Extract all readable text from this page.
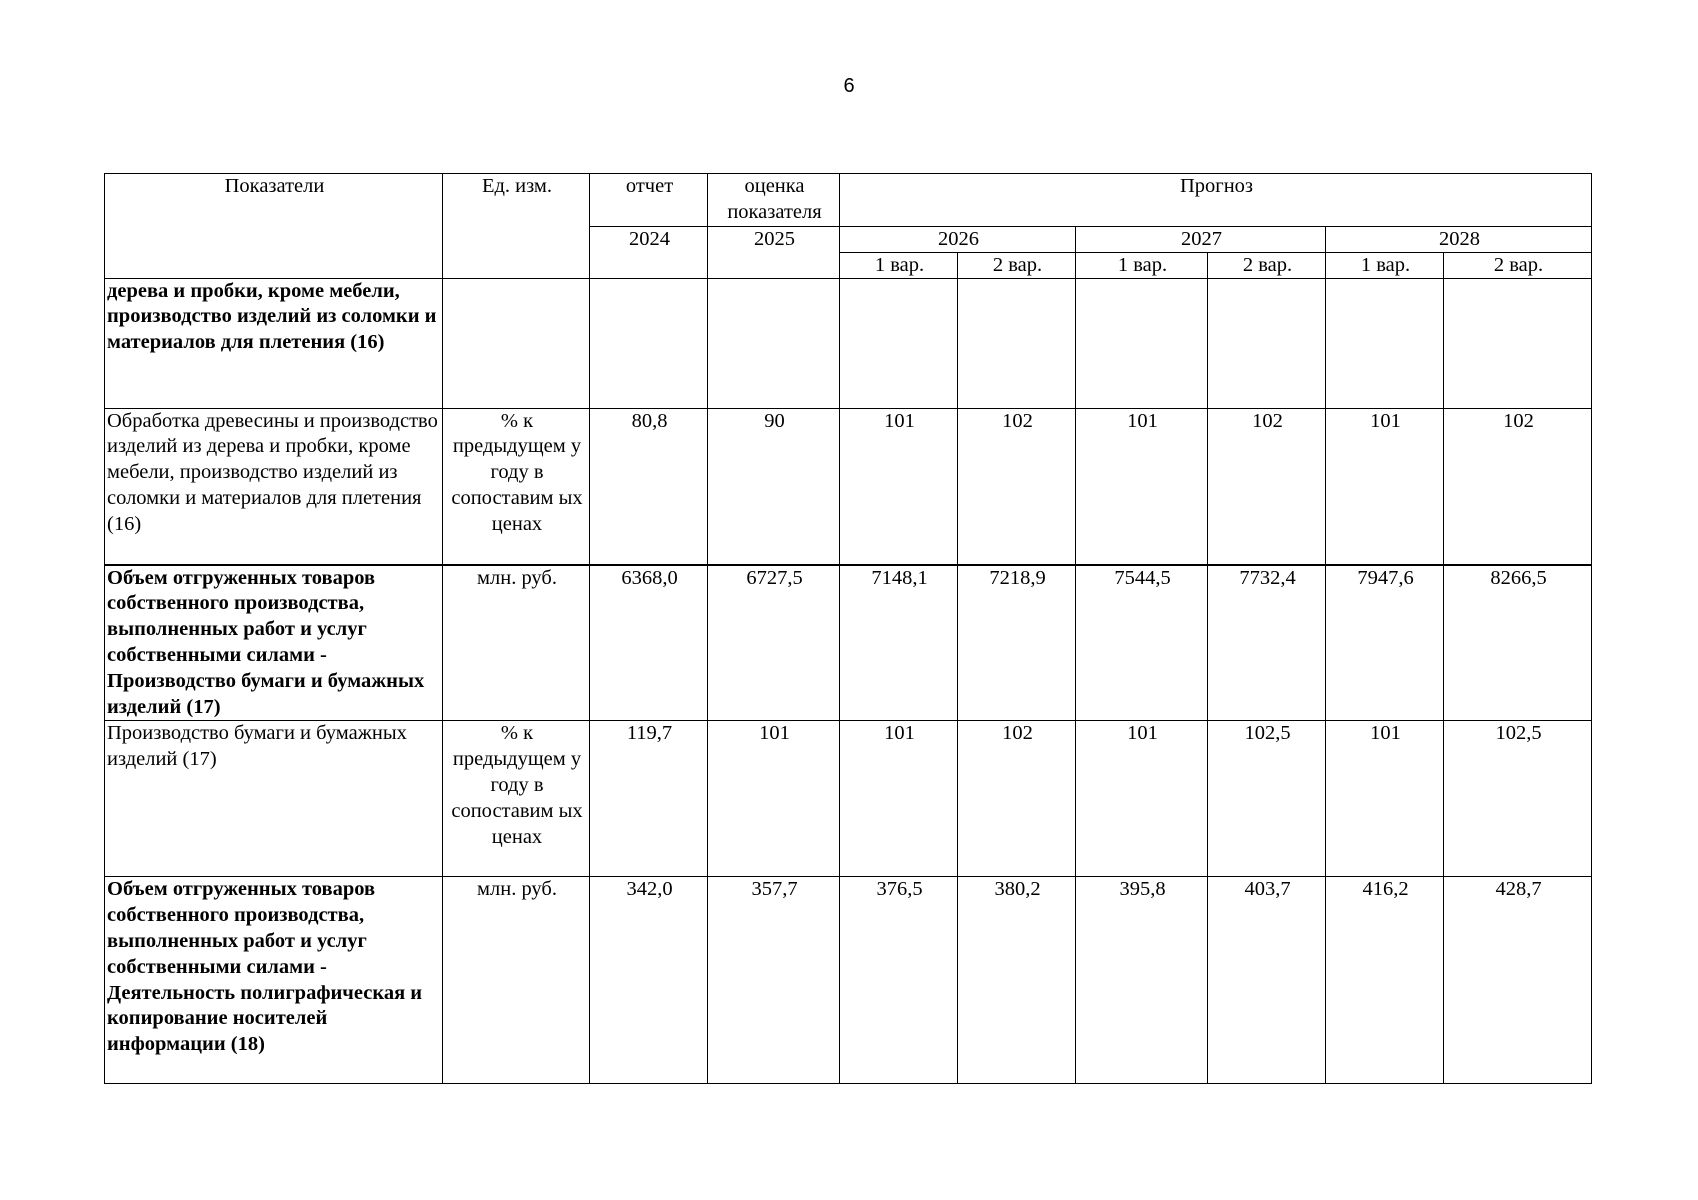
6
Показатели	Ед. изм.	отчет	оценка показателя	Прогноз					
		2024	2025	2026		2027		2028	
				1 вар.	2 вар.	1 вар.	2 вар.	1 вар.	2 вар.
дерева и пробки, кроме мебели, производство изделий из соломки и материалов для плетения (16)									
Обработка древесины и производство изделий из дерева и пробки, кроме мебели, производство изделий из соломки и материалов для плетения (16)	% к предыдущем у году в сопоставим ых ценах	80,8	90	101	102	101	102	101	102
Объем отгруженных товаров собственного производства, выполненных работ и услуг собственными силами - Производство бумаги и бумажных изделий (17)	млн. руб.	6368,0	6727,5	7148,1	7218,9	7544,5	7732,4	7947,6	8266,5
Производство бумаги и бумажных изделий (17)	% к предыдущем у году в сопоставим ых ценах	119,7	101	101	102	101	102,5	101	102,5
Объем отгруженных товаров собственного производства, выполненных работ и услуг собственными силами - Деятельность полиграфическая и копирование носителей информации (18)	млн. руб.	342,0	357,7	376,5	380,2	395,8	403,7	416,2	428,7
